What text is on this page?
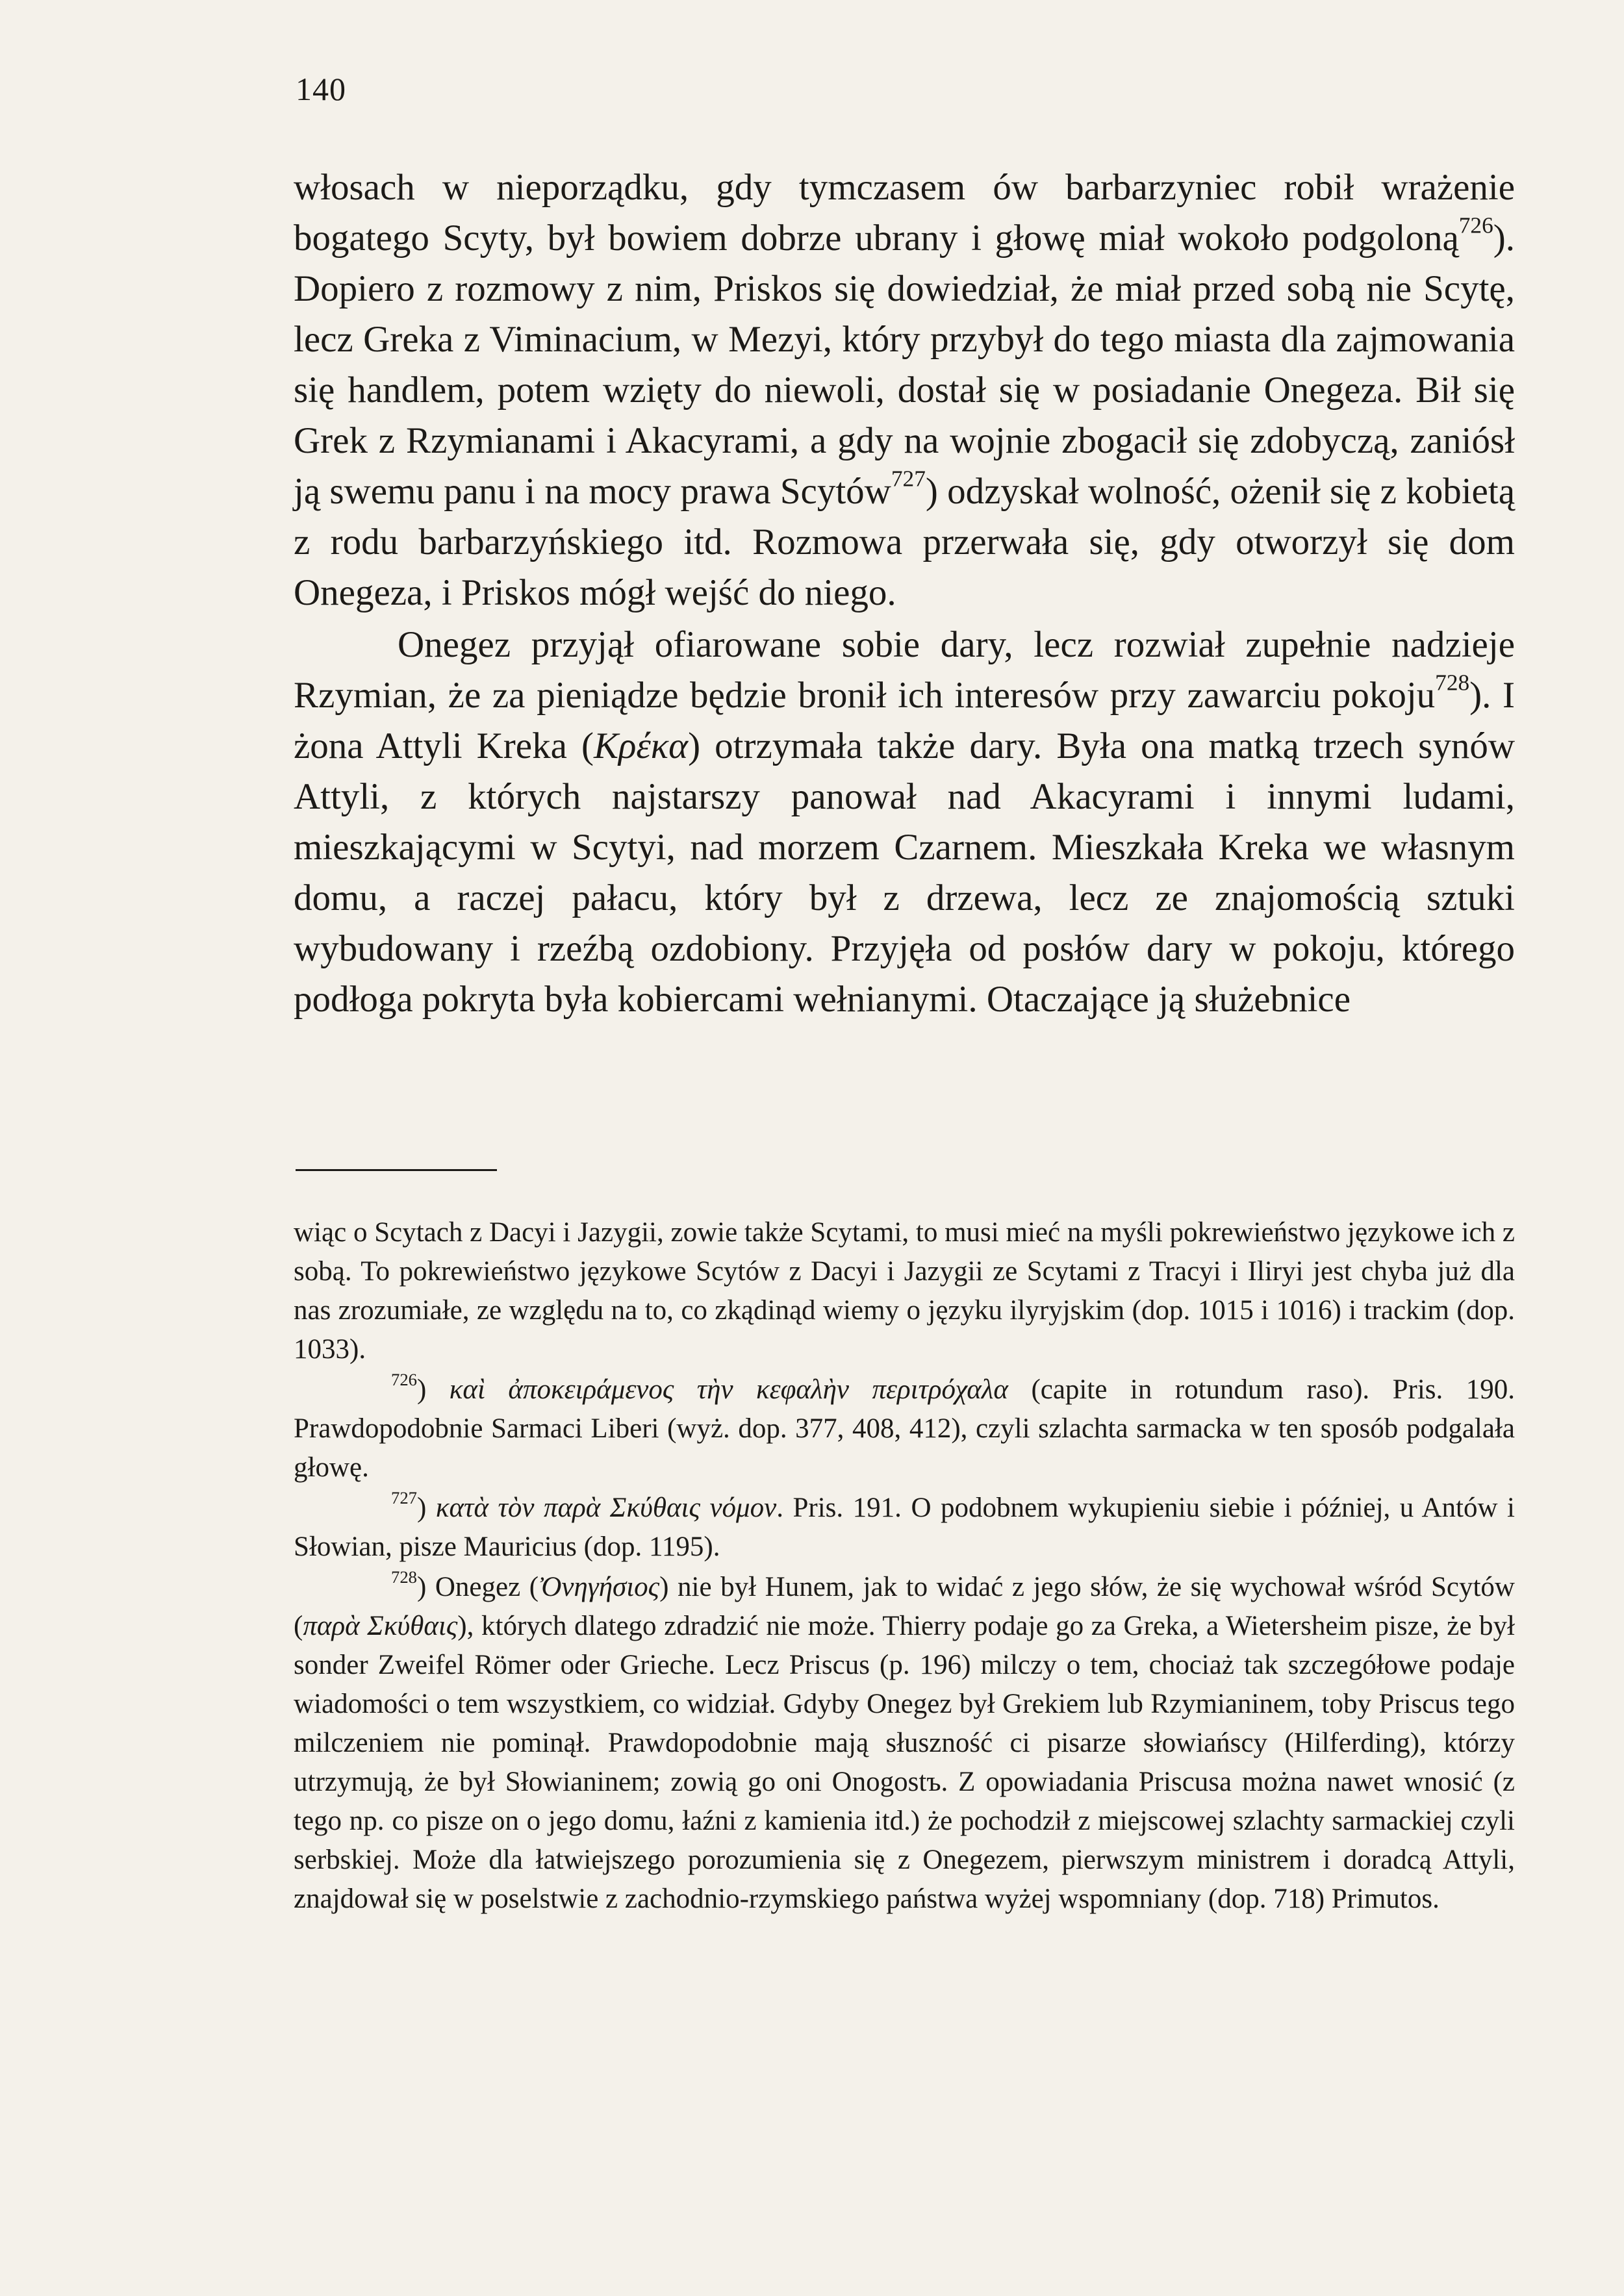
140

włosach w nieporządku, gdy tymczasem ów barbarzyniec robił wrażenie bogatego Scyty, był bowiem dobrze ubrany i głowę miał wokoło podgoloną$^{726}$). Dopiero z rozmowy z nim, Priskos się dowiedział, że miał przed sobą nie Scytę, lecz Greka z Viminacium, w Mezyi, który przybył do tego miasta dla zajmowania się handlem, potem wzięty do niewoli, dostał się w posiadanie Onegeza. Bił się Grek z Rzymianami i Akacyrami, a gdy na wojnie zbogacił się zdobyczą, zaniósł ją swemu panu i na mocy prawa Scytów$^{727}$) odzyskał wolność, ożenił się z kobietą z rodu barbarzyńskiego itd. Rozmowa przerwała się, gdy otworzył się dom Onegeza, i Priskos mógł wejść do niego.

Onegez przyjął ofiarowane sobie dary, lecz rozwiał zupełnie nadzieje Rzymian, że za pieniądze będzie bronił ich interesów przy zawarciu pokoju$^{728}$). I żona Attyli Kreka (Κρέκα) otrzymała także dary. Była ona matką trzech synów Attyli, z których najstarszy panował nad Akacyrami i innymi ludami, mieszkającymi w Scytyi, nad morzem Czarnem. Mieszkała Kreka we własnym domu, a raczej pałacu, który był z drzewa, lecz ze znajomością sztuki wybudowany i rzeźbą ozdobiony. Przyjęła od posłów dary w pokoju, którego podłoga pokryta była kobiercami wełnianymi. Otaczające ją służebnice

wiąc o Scytach z Dacyi i Jazygii, zowie także Scytami, to musi mieć na myśli pokrewieństwo językowe ich z sobą. To pokrewieństwo językowe Scytów z Dacyi i Jazygii ze Scytami z Tracyi i Iliryi jest chyba już dla nas zrozumiałe, ze względu na to, co zkądinąd wiemy o języku ilyryjskim (dop. 1015 i 1016) i trackim (dop. 1033).

$^{726}$) καὶ ἀποκειράμενος τὴν κεφαλὴν περιτρόχαλα (capite in rotundum raso). Pris. 190. Prawdopodobnie Sarmaci Liberi (wyż. dop. 377, 408, 412), czyli szlachta sarmacka w ten sposób podgalała głowę.

$^{727}$) κατὰ τὸν παρὰ Σκύθαις νόμον. Pris. 191. O podobnem wykupieniu siebie i później, u Antów i Słowian, pisze Mauricius (dop. 1195).

$^{728}$) Onegez (Ὀνηγήσιος) nie był Hunem, jak to widać z jego słów, że się wychował wśród Scytów (παρὰ Σκύθαις), których dlatego zdradzić nie może. Thierry podaje go za Greka, a Wietersheim pisze, że był sonder Zweifel Römer oder Grieche. Lecz Priscus (p. 196) milczy o tem, chociaż tak szczegółowe podaje wiadomości o tem wszystkiem, co widział. Gdyby Onegez był Grekiem lub Rzymianinem, toby Priscus tego milczeniem nie pominął. Prawdopodobnie mają słuszność ci pisarze słowiańscy (Hilferding), którzy utrzymują, że był Słowianinem; zowią go oni Onogostъ. Z opowiadania Priscusa można nawet wnosić (z tego np. co pisze on o jego domu, łaźni z kamienia itd.) że pochodził z miejscowej szlachty sarmackiej czyli serbskiej. Może dla łatwiejszego porozumienia się z Onegezem, pierwszym ministrem i doradcą Attyli, znajdował się w poselstwie z zachodnio-rzymskiego państwa wyżej wspomniany (dop. 718) Primutos.
